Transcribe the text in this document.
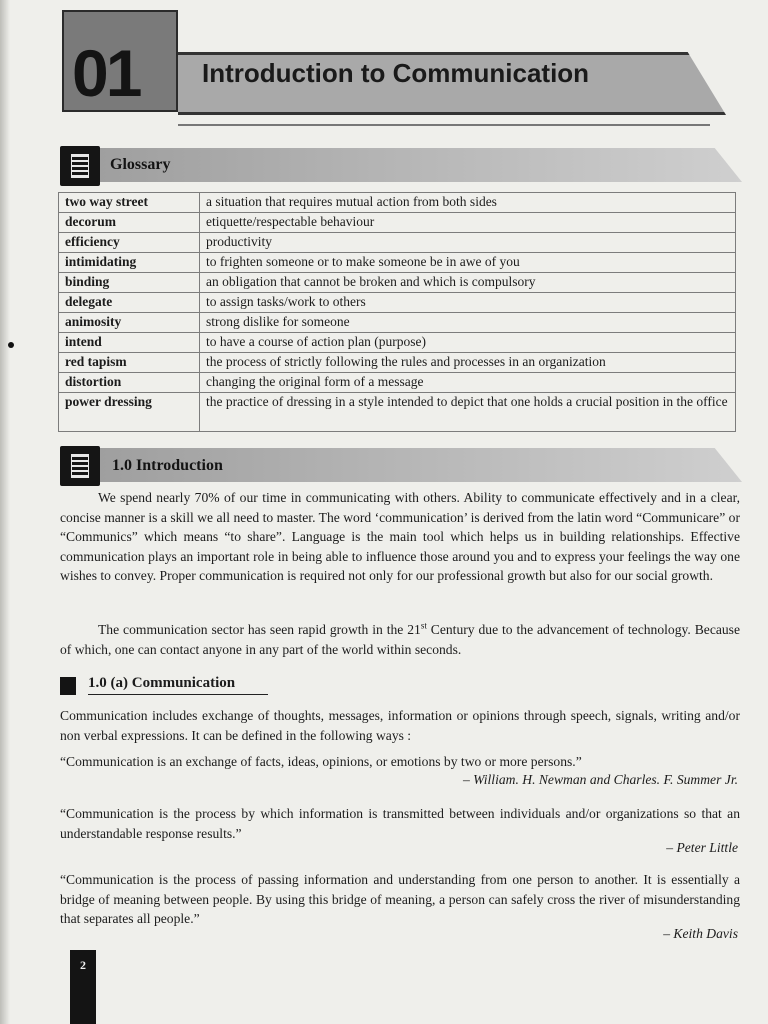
01 Introduction to Communication
Glossary
two way street	a situation that requires mutual action from both sides
decorum	etiquette/respectable behaviour
efficiency	productivity
intimidating	to frighten someone or to make someone be in awe of you
binding	an obligation that cannot be broken and which is compulsory
delegate	to assign tasks/work to others
animosity	strong dislike for someone
intend	to have a course of action plan (purpose)
red tapism	the process of strictly following the rules and processes in an organization
distortion	changing the original form of a message
power dressing	the practice of dressing in a style intended to depict that one holds a crucial position in the office
1.0 Introduction
We spend nearly 70% of our time in communicating with others. Ability to communicate effectively and in a clear, concise manner is a skill we all need to master. The word ‘communication’ is derived from the latin word “Communicare” or “Communics” which means “to share”. Language is the main tool which helps us in building relationships. Effective communication plays an important role in being able to influence those around you and to express your feelings the way one wishes to convey. Proper communication is required not only for our professional growth but also for our social growth.
The communication sector has seen rapid growth in the 21st Century due to the advancement of technology. Because of which, one can contact anyone in any part of the world within seconds.
1.0 (a) Communication
Communication includes exchange of thoughts, messages, information or opinions through speech, signals, writing and/or non verbal expressions. It can be defined in the following ways :
“Communication is an exchange of facts, ideas, opinions, or emotions by two or more persons.”
– William. H. Newman and Charles. F. Summer Jr.
“Communication is the process by which information is transmitted between individuals and/or organizations so that an understandable response results.”
– Peter Little
“Communication is the process of passing information and understanding from one person to another. It is essentially a bridge of meaning between people. By using this bridge of meaning, a person can safely cross the river of misunderstanding that separates all people.”
– Keith Davis
2
